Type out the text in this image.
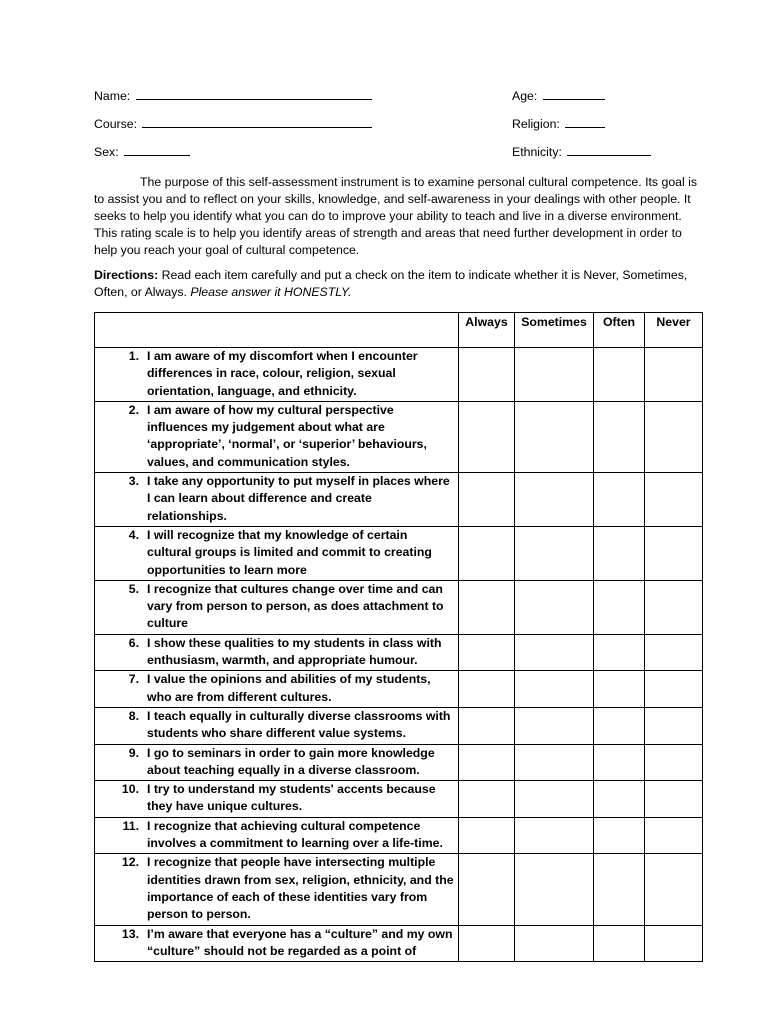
Name:	Age:
Course:	Religion:
Sex:	Ethnicity:

The purpose of this self-assessment instrument is to examine personal cultural competence. Its goal is to assist you and to reflect on your skills, knowledge, and self-awareness in your dealings with other people. It seeks to help you identify what you can do to improve your ability to teach and live in a diverse environment. This rating scale is to help you identify areas of strength and areas that need further development in order to help you reach your goal of cultural competence.

Directions: Read each item carefully and put a check on the item to indicate whether it is Never, Sometimes, Often, or Always. Please answer it HONESTLY.

	Always	Sometimes	Often	Never

1. I am aware of my discomfort when I encounter differences in race, colour, religion, sexual orientation, language, and ethnicity.				

2. I am aware of how my cultural perspective influences my judgement about what are ‘appropriate’, ‘normal’, or ‘superior’ behaviours, values, and communication styles.				

3. I take any opportunity to put myself in places where I can learn about difference and create relationships.				

4. I will recognize that my knowledge of certain cultural groups is limited and commit to creating opportunities to learn more				

5. I recognize that cultures change over time and can vary from person to person, as does attachment to culture				

6. I show these qualities to my students in class with enthusiasm, warmth, and appropriate humour.				

7. I value the opinions and abilities of my students, who are from different cultures.				

8. I teach equally in culturally diverse classrooms with students who share different value systems.				

9. I go to seminars in order to gain more knowledge about teaching equally in a diverse classroom.				

10. I try to understand my students' accents because they have unique cultures.				

11. I recognize that achieving cultural competence involves a commitment to learning over a life-time.				

12. I recognize that people have intersecting multiple identities drawn from sex, religion, ethnicity, and the importance of each of these identities vary from person to person.				

13. I’m aware that everyone has a “culture” and my own “culture” should not be regarded as a point of				
